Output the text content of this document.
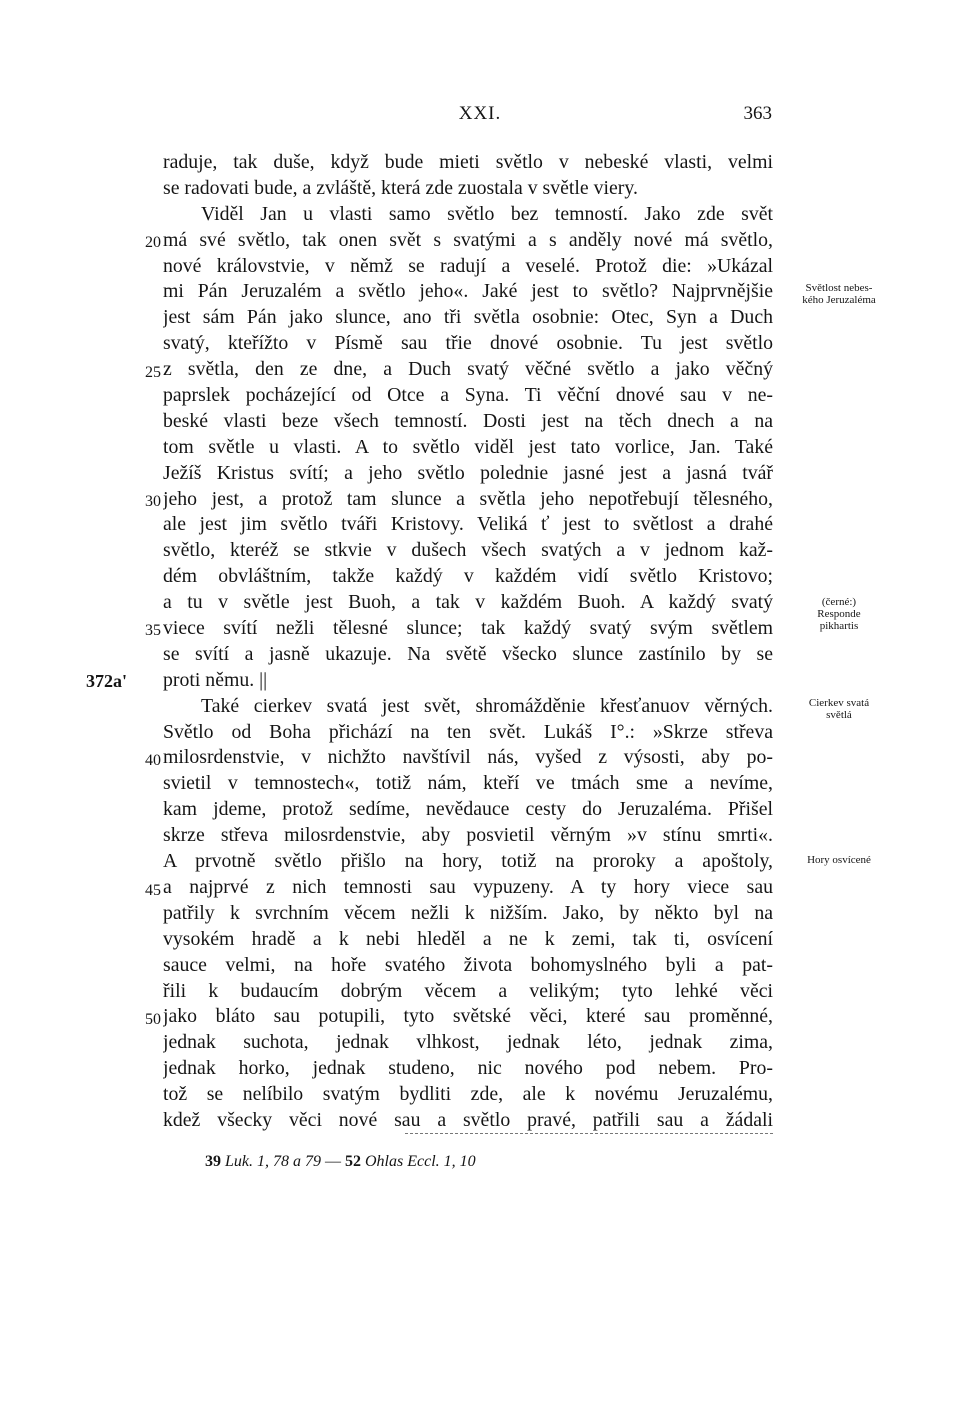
XXI.	363
raduje, tak duše, když bude mieti světlo v nebeské vlasti, velmi
se radovati bude, a zvláště, která zde zuostala v světle viery.
Viděl Jan u vlasti samo světlo bez temností. Jako zde svět
má své světlo, tak onen svět s svatými a s anděly nové má světlo,
nové královstvie, v němž se radují a veselé. Protož die: »Ukázal
mi Pán Jeruzalém a světlo jeho«. Jaké jest to světlo? Najprvnějšie
jest sám Pán jako slunce, ano tři světla osobnie: Otec, Syn a Duch
svatý, kteřížto v Písmě sau třie dnové osobnie. Tu jest světlo
z světla, den ze dne, a Duch svatý věčné světlo a jako věčný
paprslek pocházející od Otce a Syna. Ti věční dnové sau v ne-
beské vlasti beze všech temností. Dosti jest na těch dnech a na
tom světle u vlasti. A to světlo viděl jest tato vorlice, Jan. Také
Ježíš Kristus svítí; a jeho světlo polednie jasné jest a jasná tvář
jeho jest, a protož tam slunce a světla jeho nepotřebují tělesného,
ale jest jim světlo tváři Kristovy. Veliká ť jest to světlost a drahé
světlo, kteréž se stkvie v dušech všech svatých a v jednom kaž-
dém obvláštním, takže každý v každém vidí světlo Kristovo;
a tu v světle jest Buoh, a tak v každém Buoh. A každý svatý
viece svítí nežli tělesné slunce; tak každý svatý svým světlem
se svítí a jasně ukazuje. Na světě všecko slunce zastínilo by se
proti němu. ||
Také cierkev svatá jest svět, shromážděnie křesťanuov věrných.
Světlo od Boha přichází na ten svět. Lukáš I°.: »Skrze střeva
milosrdenstvie, v nichžto navštívil nás, vyšed z výsosti, aby po-
svietil v temnostech«, totiž nám, kteří ve tmách sme a nevíme,
kam jdeme, protož sedíme, nevědauce cesty do Jeruzaléma. Přišel
skrze střeva milosrdenstvie, aby posvietil věrným »v stínu smrti«.
A prvotně světlo přišlo na hory, totiž na proroky a apoštoly,
a najprvé z nich temnosti sau vypuzeny. A ty hory viece sau
patřily k svrchním věcem nežli k nižším. Jako, by někto byl na
vysokém hradě a k nebi hleděl a ne k zemi, tak ti, osvícení
sauce velmi, na hoře svatého života bohomyslného byli a pat-
řili k budaucím dobrým věcem a velikým; tyto lehké věci
jako bláto sau potupili, tyto světské věci, které sau proměnné,
jednak suchota, jednak vlhkost, jednak léto, jednak zima,
jednak horko, jednak studeno, nic nového pod nebem. Pro-
tož se nelíbilo svatým bydliti zde, ale k novému Jeruzalému,
kdež všecky věci nové sau a světlo pravé, patřili sau a žádali
20
25
30
35
40
45
50
372a'
Světlost nebes-
kého Jeruzaléma
(černé:)
Responde
pikhartis
Cierkev svatá
světlá
Hory osvícené
39 Luk. 1, 78 a 79 — 52 Ohlas Eccl. 1, 10
